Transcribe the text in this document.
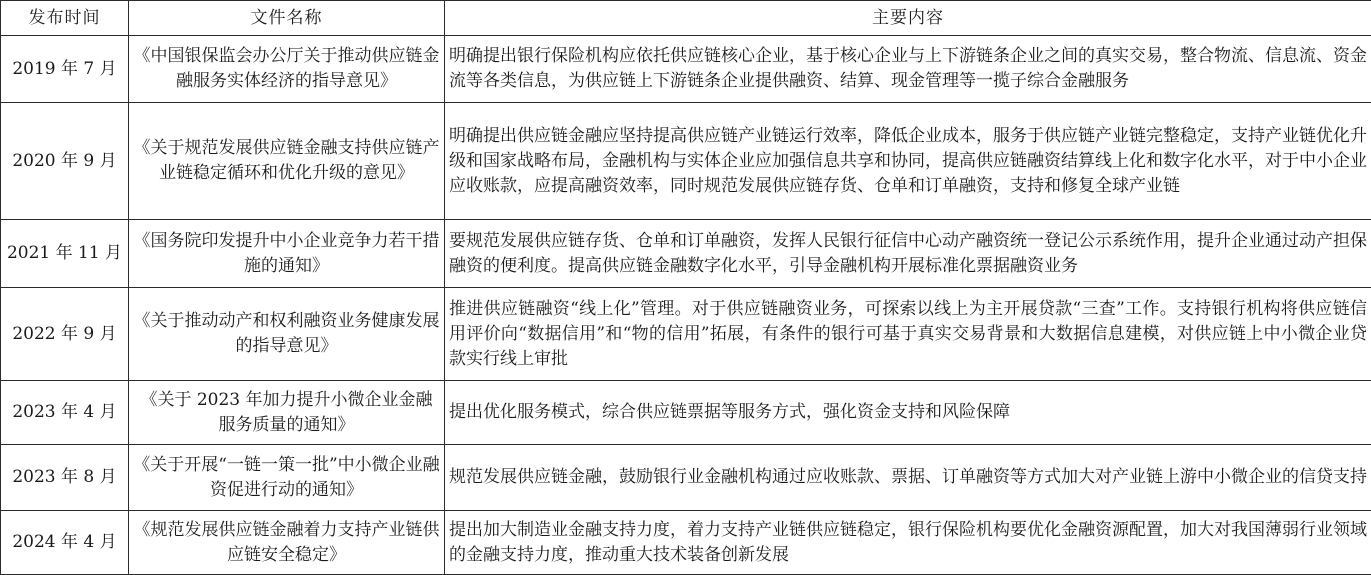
发布时间	文件名称	主要内容
2019 年 7 月	《中国银保监会办公厅关于推动供应链金融服务实体经济的指导意见》	明确提出银行保险机构应依托供应链核心企业，基于核心企业与上下游链条企业之间的真实交易，整合物流、信息流、资金流等各类信息，为供应链上下游链条企业提供融资、结算、现金管理等一揽子综合金融服务
2020 年 9 月	《关于规范发展供应链金融支持供应链产业链稳定循环和优化升级的意见》	明确提出供应链金融应坚持提高供应链产业链运行效率，降低企业成本，服务于供应链产业链完整稳定，支持产业链优化升级和国家战略布局，金融机构与实体企业应加强信息共享和协同，提高供应链融资结算线上化和数字化水平，对于中小企业应收账款，应提高融资效率，同时规范发展供应链存货、仓单和订单融资，支持和修复全球产业链
2021 年 11 月	《国务院印发提升中小企业竞争力若干措施的通知》	要规范发展供应链存货、仓单和订单融资，发挥人民银行征信中心动产融资统一登记公示系统作用，提升企业通过动产担保融资的便利度。提高供应链金融数字化水平，引导金融机构开展标准化票据融资业务
2022 年 9 月	《关于推动动产和权利融资业务健康发展的指导意见》	推进供应链融资“线上化”管理。对于供应链融资业务，可探索以线上为主开展贷款“三查”工作。支持银行机构将供应链信用评价向“数据信用”和“物的信用”拓展，有条件的银行可基于真实交易背景和大数据信息建模，对供应链上中小微企业贷款实行线上审批
2023 年 4 月	《关于 2023 年加力提升小微企业金融服务质量的通知》	提出优化服务模式，综合供应链票据等服务方式，强化资金支持和风险保障
2023 年 8 月	《关于开展“一链一策一批”中小微企业融资促进行动的通知》	规范发展供应链金融，鼓励银行业金融机构通过应收账款、票据、订单融资等方式加大对产业链上游中小微企业的信贷支持
2024 年 4 月	《规范发展供应链金融着力支持产业链供应链安全稳定》	提出加大制造业金融支持力度，着力支持产业链供应链稳定，银行保险机构要优化金融资源配置，加大对我国薄弱行业领域的金融支持力度，推动重大技术装备创新发展
